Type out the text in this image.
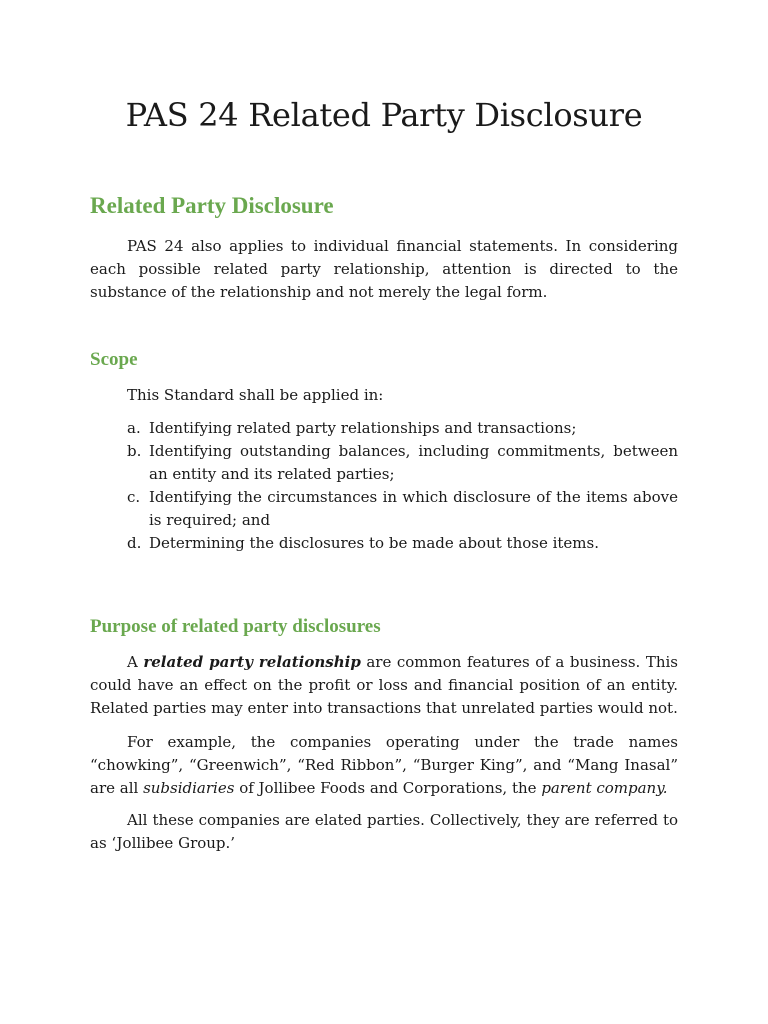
PAS 24 Related Party Disclosure
Related Party Disclosure

PAS 24 also applies to individual financial statements. In considering each possible related party relationship, attention is directed to the substance of the relationship and not merely the legal form.

Scope

This Standard shall be applied in:

a. Identifying related party relationships and transactions;
b. Identifying outstanding balances, including commitments, between an entity and its related parties;
c. Identifying the circumstances in which disclosure of the items above is required; and
d. Determining the disclosures to be made about those items.
Purpose of related party disclosures

A related party relationship are common features of a business. This could have an effect on the profit or loss and financial position of an entity. Related parties may enter into transactions that unrelated parties would not.

For example, the companies operating under the trade names “chowking”, “Greenwich”, “Red Ribbon”, “Burger King”, and “Mang Inasal” are all subsidiaries of Jollibee Foods and Corporations, the parent company.

All these companies are elated parties. Collectively, they are referred to as ‘Jollibee Group.’
